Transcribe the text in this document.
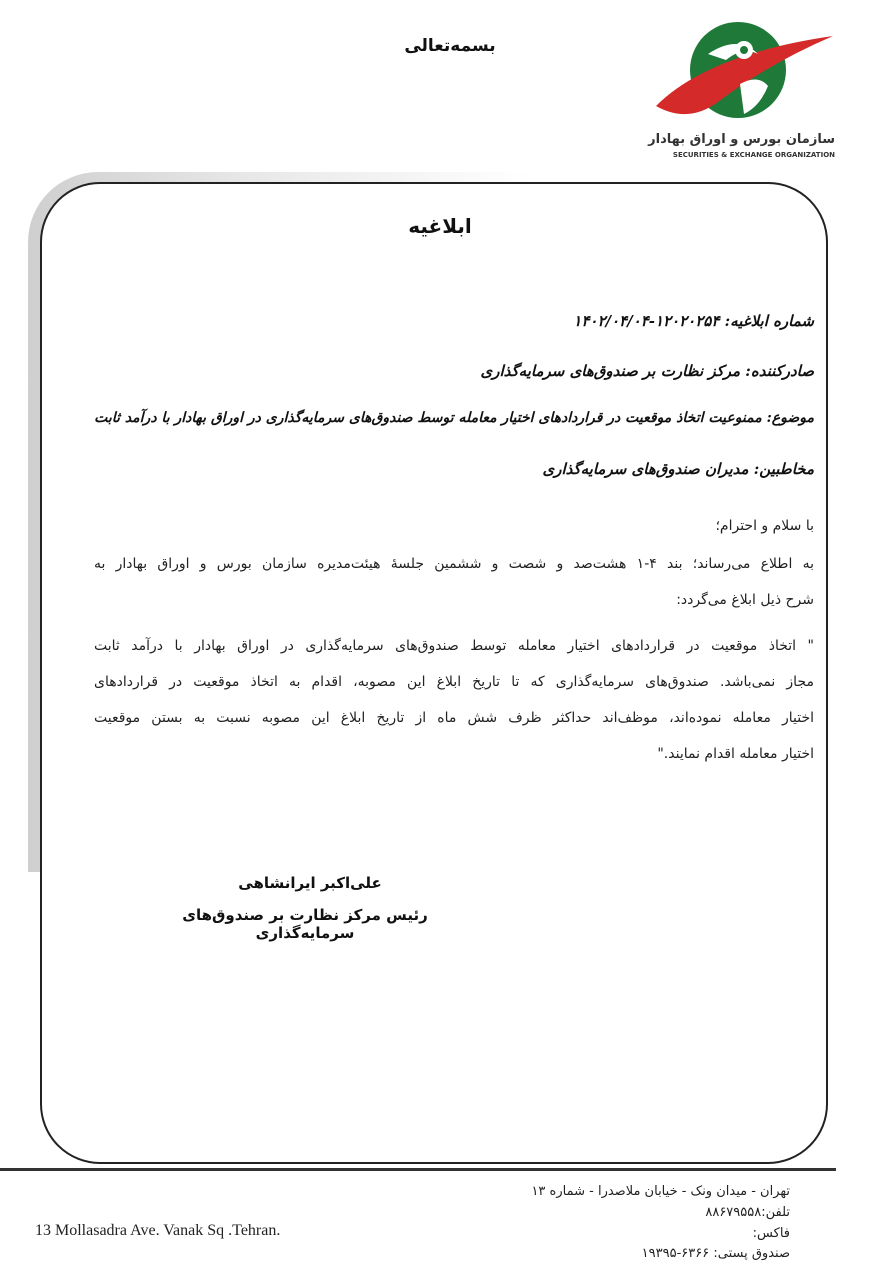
بسمه‌تعالی
سازمان بورس و اوراق بهادار
SECURITIES & EXCHANGE ORGANIZATION
ابلاغیه
شماره ابلاغیه: ۱۲۰۲۰۲۵۴-۱۴۰۲/۰۴/۰۴
صادرکننده: مرکز نظارت بر صندوق‌های سرمایه‌گذاری
موضوع: ممنوعیت اتخاذ موقعیت در قراردادهای اختیار معامله توسط صندوق‌های سرمایه‌گذاری در اوراق بهادار با درآمد ثابت
مخاطبین: مدیران صندوق‌های سرمایه‌گذاری
با سلام و احترام؛
به اطلاع می‌رساند؛ بند ۴-۱ هشت‌صد و شصت و ششمین جلسهٔ هیئت‌مدیره سازمان بورس و اوراق بهادار به
شرح ذیل ابلاغ می‌گردد:
" اتخاذ موقعیت در قراردادهای اختیار معامله توسط صندوق‌های سرمایه‌گذاری در اوراق بهادار با درآمد ثابت
مجاز نمی‌باشد. صندوق‌های سرمایه‌گذاری که تا تاریخ ابلاغ این مصوبه، اقدام به اتخاذ موقعیت در قراردادهای
اختیار معامله نموده‌اند، موظف‌اند حداکثر ظرف شش ماه از تاریخ ابلاغ این مصوبه نسبت به بستن موقعیت
اختیار معامله اقدام نمایند."
علی‌اکبر ایرانشاهی
رئیس مرکز نظارت بر صندوق‌های سرمایه‌گذاری
تهران - میدان ونک - خیابان ملاصدرا - شماره ۱۳
تلفن:۸۸۶۷۹۵۵۸
فاکس:
صندوق پستی: ۶۳۶۶-۱۹۳۹۵
13 Mollasadra Ave. Vanak Sq .Tehran.
